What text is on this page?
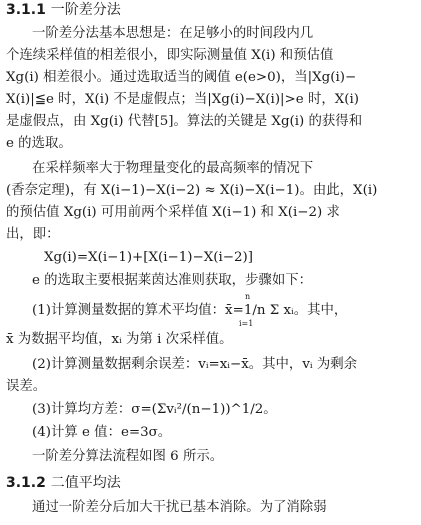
3.1.1 一阶差分法
一阶差分法基本思想是：在足够小的时间段内几
个连续采样值的相差很小，即实际测量值 X(i) 和预估值
Xg(i) 相差很小。通过选取适当的阈值 e(e>0)，当|Xg(i)−
X(i)|≦e 时，X(i) 不是虚假点；当|Xg(i)−X(i)|>e 时，X(i)
是虚假点，由 Xg(i) 代替[5]。算法的关键是 Xg(i) 的获得和
e 的选取。
在采样频率大于物理量变化的最高频率的情况下
(香奈定理)，有 X(i−1)−X(i−2) ≈ X(i)−X(i−1)。由此，X(i)
的预估值 Xg(i) 可用前两个采样值 X(i−1) 和 X(i−2) 求
出，即：
Xg(i)=X(i−1)+[X(i−1)−X(i−2)]
e 的选取主要根据莱茵达准则获取，步骤如下：
(1)计算测量数据的算术平均值：x̄=1/n Σ xᵢ。其中，
n
i=1
x̄ 为数据平均值，xᵢ 为第 i 次采样值。
(2)计算测量数据剩余误差：vᵢ=xᵢ−x̄。其中，vᵢ 为剩余
误差。
(3)计算均方差：σ=(Σvᵢ²/(n−1))^1/2。
(4)计算 e 值：e=3σ。
一阶差分算法流程如图 6 所示。
3.1.2 二值平均法
通过一阶差分后加大干扰已基本消除。为了消除弱
